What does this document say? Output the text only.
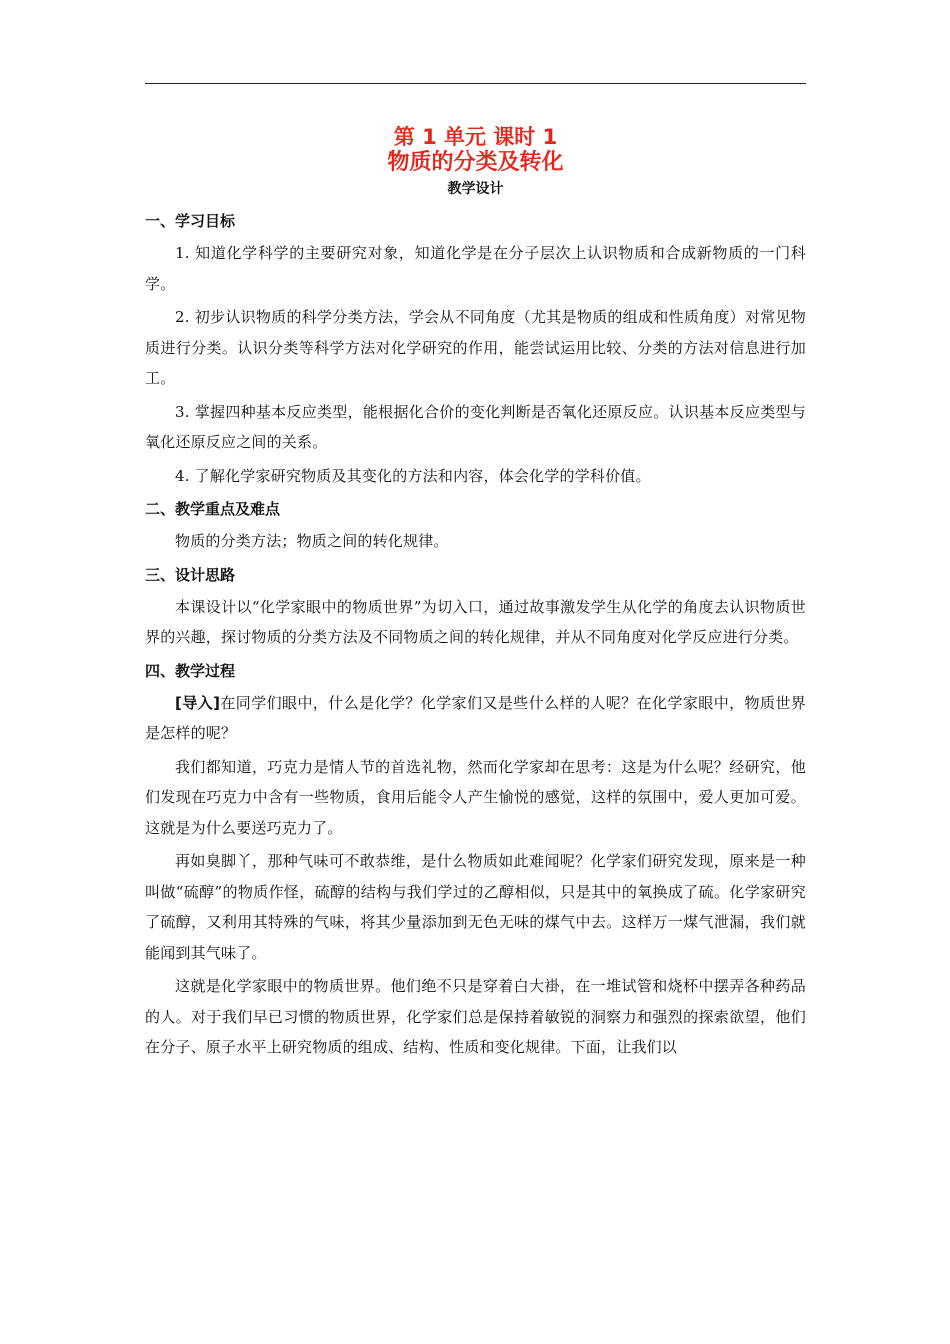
第 1 单元 课时 1
物质的分类及转化
教学设计
一、学习目标

1. 知道化学科学的主要研究对象，知道化学是在分子层次上认识物质和合成新物质的一门科学。

2. 初步认识物质的科学分类方法，学会从不同角度（尤其是物质的组成和性质角度）对常见物质进行分类。认识分类等科学方法对化学研究的作用，能尝试运用比较、分类的方法对信息进行加工。

3. 掌握四种基本反应类型，能根据化合价的变化判断是否氧化还原反应。认识基本反应类型与氧化还原反应之间的关系。

4. 了解化学家研究物质及其变化的方法和内容，体会化学的学科价值。

二、教学重点及难点

物质的分类方法；物质之间的转化规律。

三、设计思路

本课设计以“化学家眼中的物质世界”为切入口，通过故事激发学生从化学的角度去认识物质世界的兴趣，探讨物质的分类方法及不同物质之间的转化规律，并从不同角度对化学反应进行分类。

四、教学过程

[导入]在同学们眼中，什么是化学？化学家们又是些什么样的人呢？在化学家眼中，物质世界是怎样的呢？

我们都知道，巧克力是情人节的首选礼物，然而化学家却在思考：这是为什么呢？经研究，他们发现在巧克力中含有一些物质，食用后能令人产生愉悦的感觉，这样的氛围中，爱人更加可爱。这就是为什么要送巧克力了。

再如臭脚丫，那种气味可不敢恭维，是什么物质如此难闻呢？化学家们研究发现，原来是一种叫做“硫醇”的物质作怪，硫醇的结构与我们学过的乙醇相似，只是其中的氧换成了硫。化学家研究了硫醇，又利用其特殊的气味，将其少量添加到无色无味的煤气中去。这样万一煤气泄漏，我们就能闻到其气味了。

这就是化学家眼中的物质世界。他们绝不只是穿着白大褂，在一堆试管和烧杯中摆弄各种药品的人。对于我们早已习惯的物质世界，化学家们总是保持着敏锐的洞察力和强烈的探索欲望，他们在分子、原子水平上研究物质的组成、结构、性质和变化规律。下面，让我们以
